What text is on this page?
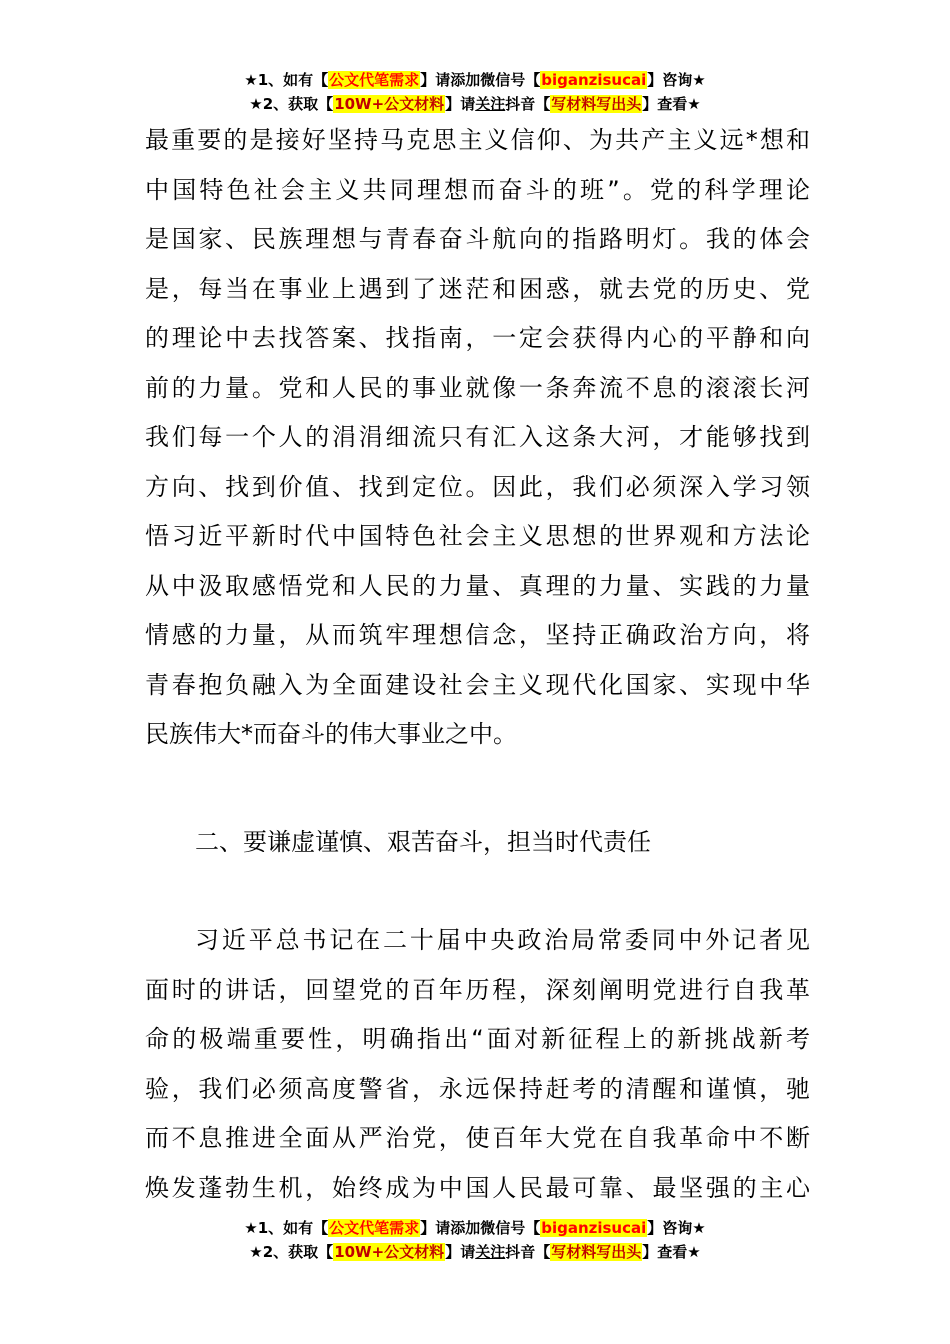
★1、如有【公文代笔需求】请添加微信号【biganzisucai】咨询★
★2、获取【10W+公文材料】请关注抖音【写材料写出头】查看★
最重要的是接好坚持马克思主义信仰、为共产主义远*想和
中国特色社会主义共同理想而奋斗的班”。党的科学理论
是国家、民族理想与青春奋斗航向的指路明灯。我的体会
是，每当在事业上遇到了迷茫和困惑，就去党的历史、党
的理论中去找答案、找指南，一定会获得内心的平静和向
前的力量。党和人民的事业就像一条奔流不息的滚滚长河
我们每一个人的涓涓细流只有汇入这条大河，才能够找到
方向、找到价值、找到定位。因此，我们必须深入学习领
悟习近平新时代中国特色社会主义思想的世界观和方法论
从中汲取感悟党和人民的力量、真理的力量、实践的力量
情感的力量，从而筑牢理想信念，坚持正确政治方向，将
青春抱负融入为全面建设社会主义现代化国家、实现中华
民族伟大*而奋斗的伟大事业之中。
二、要谦虚谨慎、艰苦奋斗，担当时代责任
习近平总书记在二十届中央政治局常委同中外记者见
面时的讲话，回望党的百年历程，深刻阐明党进行自我革
命的极端重要性，明确指出“面对新征程上的新挑战新考
验，我们必须高度警省，永远保持赶考的清醒和谨慎，驰
而不息推进全面从严治党，使百年大党在自我革命中不断
焕发蓬勃生机，始终成为中国人民最可靠、最坚强的主心
★1、如有【公文代笔需求】请添加微信号【biganzisucai】咨询★
★2、获取【10W+公文材料】请关注抖音【写材料写出头】查看★
